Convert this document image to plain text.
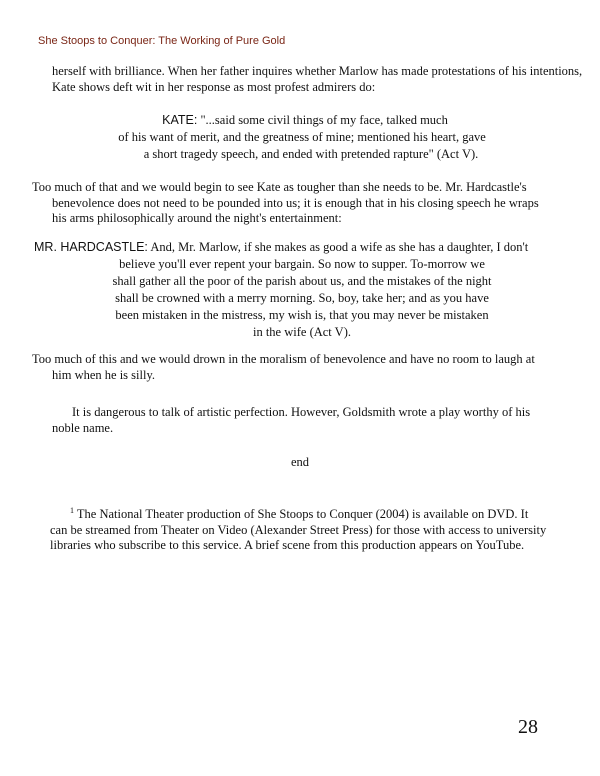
She Stoops to Conquer: The Working of Pure Gold
herself with brilliance. When her father inquires whether Marlow has made protestations of his intentions,
Kate shows deft wit in her response as most profest admirers do:
KATE: "...said some civil things of my face, talked much
of his want of merit, and the greatness of mine; mentioned his heart, gave
a short tragedy speech, and ended with pretended rapture" (Act V).
Too much of that and we would begin to see Kate as tougher than she needs to be. Mr. Hardcastle's
benevolence does not need to be pounded into us; it is enough that in his closing speech he wraps
his arms philosophically around the night's entertainment:
MR. HARDCASTLE: And, Mr. Marlow, if she makes as good a wife as she has a daughter, I don't
believe you'll ever repent your bargain. So now to supper. To-morrow we
shall gather all the poor of the parish about us, and the mistakes of the night
shall be crowned with a merry morning. So, boy, take her; and as you have
been mistaken in the mistress, my wish is, that you may never be mistaken
in the wife (Act V).
Too much of this and we would drown in the moralism of benevolence and have no room to laugh at
him when he is silly.
It is dangerous to talk of artistic perfection. However, Goldsmith wrote a play worthy of his
noble name.
end
$^1$ The National Theater production of She Stoops to Conquer (2004) is available on DVD. It
can be streamed from Theater on Video (Alexander Street Press) for those with access to university
libraries who subscribe to this service. A brief scene from this production appears on YouTube.
28
